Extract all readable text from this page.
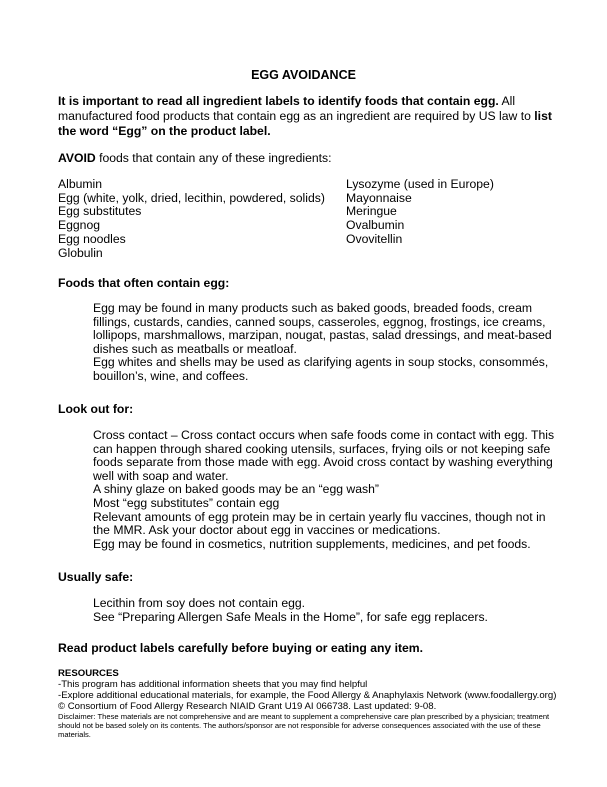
EGG AVOIDANCE
It is important to read all ingredient labels to identify foods that contain egg. All manufactured food products that contain egg as an ingredient are required by US law to list the word “Egg” on the product label.
AVOID foods that contain any of these ingredients:
Albumin
Egg (white, yolk, dried, lecithin, powdered, solids)
Egg substitutes
Eggnog
Egg noodles
Globulin
Lysozyme (used in Europe)
Mayonnaise
Meringue
Ovalbumin
Ovovitellin
Foods that often contain egg:

Egg may be found in many products such as baked goods, breaded foods, cream fillings, custards, candies, canned soups, casseroles, eggnog, frostings, ice creams, lollipops, marshmallows, marzipan, nougat, pastas, salad dressings, and meat-based dishes such as meatballs or meatloaf.

Egg whites and shells may be used as clarifying agents in soup stocks, consommés, bouillon’s, wine, and coffees.

Look out for:

Cross contact – Cross contact occurs when safe foods come in contact with egg. This can happen through shared cooking utensils, surfaces, frying oils or not keeping safe foods separate from those made with egg. Avoid cross contact by washing everything well with soap and water.

A shiny glaze on baked goods may be an “egg wash”

Most “egg substitutes” contain egg

Relevant amounts of egg protein may be in certain yearly flu vaccines, though not in the MMR. Ask your doctor about egg in vaccines or medications.

Egg may be found in cosmetics, nutrition supplements, medicines, and pet foods.

Usually safe:

Lecithin from soy does not contain egg.

See “Preparing Allergen Safe Meals in the Home”, for safe egg replacers.

Read product labels carefully before buying or eating any item.
RESOURCES
-This program has additional information sheets that you may find helpful
-Explore additional educational materials, for example, the Food Allergy & Anaphylaxis Network (www.foodallergy.org)
© Consortium of Food Allergy Research NIAID Grant U19 AI 066738. Last updated: 9-08.
Disclaimer: These materials are not comprehensive and are meant to supplement a comprehensive care plan prescribed by a physician; treatment should not be based solely on its contents. The authors/sponsor are not responsible for adverse consequences associated with the use of these materials.
